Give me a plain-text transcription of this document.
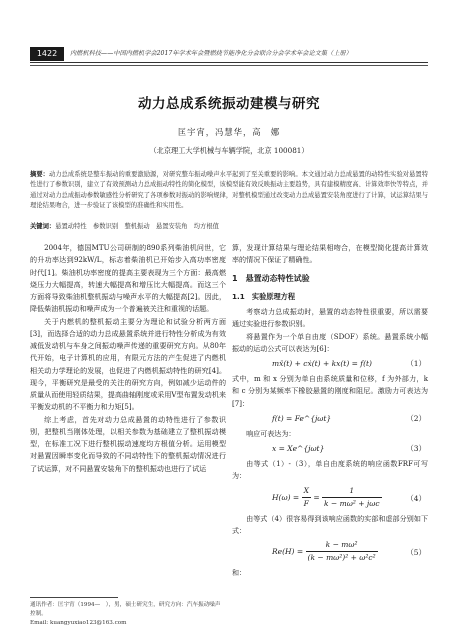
1422	内燃机科技——中国内燃机学会2017年学术年会暨燃烧节能净化分会联合分会学术年会论文集（上册）
动力总成系统振动建模与研究
匡宇宵，冯慧华，高　娜
（北京理工大学机械与车辆学院，北京 100081）
摘要：动力总成系统是整车振动的重要激励源，对研究整车振动噪声水平起到了至关重要的影响。本文通过动力总成悬置的动特性实验对悬置特性进行了参数识别，建立了有效预测动力总成振动特性的简化模型，该模型能有效反映振动主要趋势，具有建模精度高、计算效率快等特点，并通过对动力总成振动参数敏感性分析研究了各项参数对振动的影响规律，对整机模型通过改变动力总成悬置安装角度进行了计算，试运算结果与理论结果吻合，进一步验证了该模型的准确性和实用性。
关键词：悬置动特性　参数识别　整机振动　悬置安装角　均方根值

2004年，德国MTU公司研制的890系列柴油机问世，它的升功率达到92kW/L，标志着柴油机已开始步入高功率密度时代[1]。柴油机功率密度的提高主要表现为三个方面：最高燃烧压力大幅提高，转速大幅提高和增压比大幅提高。而这三个方面将导致柴油机整机振动与噪声水平的大幅提高[2]。因此，降低柴油机振动和噪声成为一个普遍被关注和重视的话题。

关于内燃机的整机振动主要分为理论和试验分析两方面[3]，而选择合适的动力总成悬置系统并进行特性分析成为有效减低发动机与车身之间振动噪声传递的重要研究方向。从80年代开始，电子计算机的应用，有限元方法的产生促进了内燃机相关动力学理论的发展，也促进了内燃机振动特性的研究[4]。现今，平衡研究是最受的关注的研究方向，例如减少运动件的质量从而使用轻质结果，提高曲轴刚度或采用V型布置发动机来平衡发动机的不平衡力和力矩[5]。

综上考虑，首先对动力总成悬置的动特性进行了参数识别，把整机当刚体处理，以相关参数为基础建立了整机振动模型，在标准工况下进行整机振动速度均方根值分析。运用模型对悬置因瞬率变化而导致的不同动特性下的整机振动情况进行了试运算，对不同悬置安装角下的整机振动也进行了试运

算，发现计算结果与理论结果相吻合，在模型简化提高计算效率的情况下保证了精确性。

1　悬置动态特性试验
1.1　实验原理方程

考察动力总成振动时，悬置的动态特性很重要，所以需要通过实验进行参数识别。

将悬置作为一个单自由度（SDOF）系统。悬置系统小幅振动的运动公式可以表达为[6]：

mẍ(t) + cẋ(t) + kx(t) = f(t)	（1）

式中，m 和 x 分别为单自由系统质量和位移，f 为外部力，k 和 c 分别为某频率下橡胶悬置的刚度和阻尼。激励力可表达为[7]：

f(t) = Fe^{jωt}	（2）

响应可表达为：

x = Xe^{jωt}	（3）

由等式（1）-（3），单自由度系统的响应函数FRF可写为：

$H(\omega) = \frac{X}{F} = \frac{1}{\text{k − mω² + jωc}}$	（4）

由等式（4）很容易得到该响应函数的实部和虚部分别如下式：

$Re(H) = \frac{\text{k − mω²}}{\text{(k − mω²)² + ω²c²}}$	（5）

和：

通讯作者：匡宇宵（1994—　），男，硕士研究生，研究方向：汽车振动噪声控制。
Email: kuangyuxiao123@163.com
